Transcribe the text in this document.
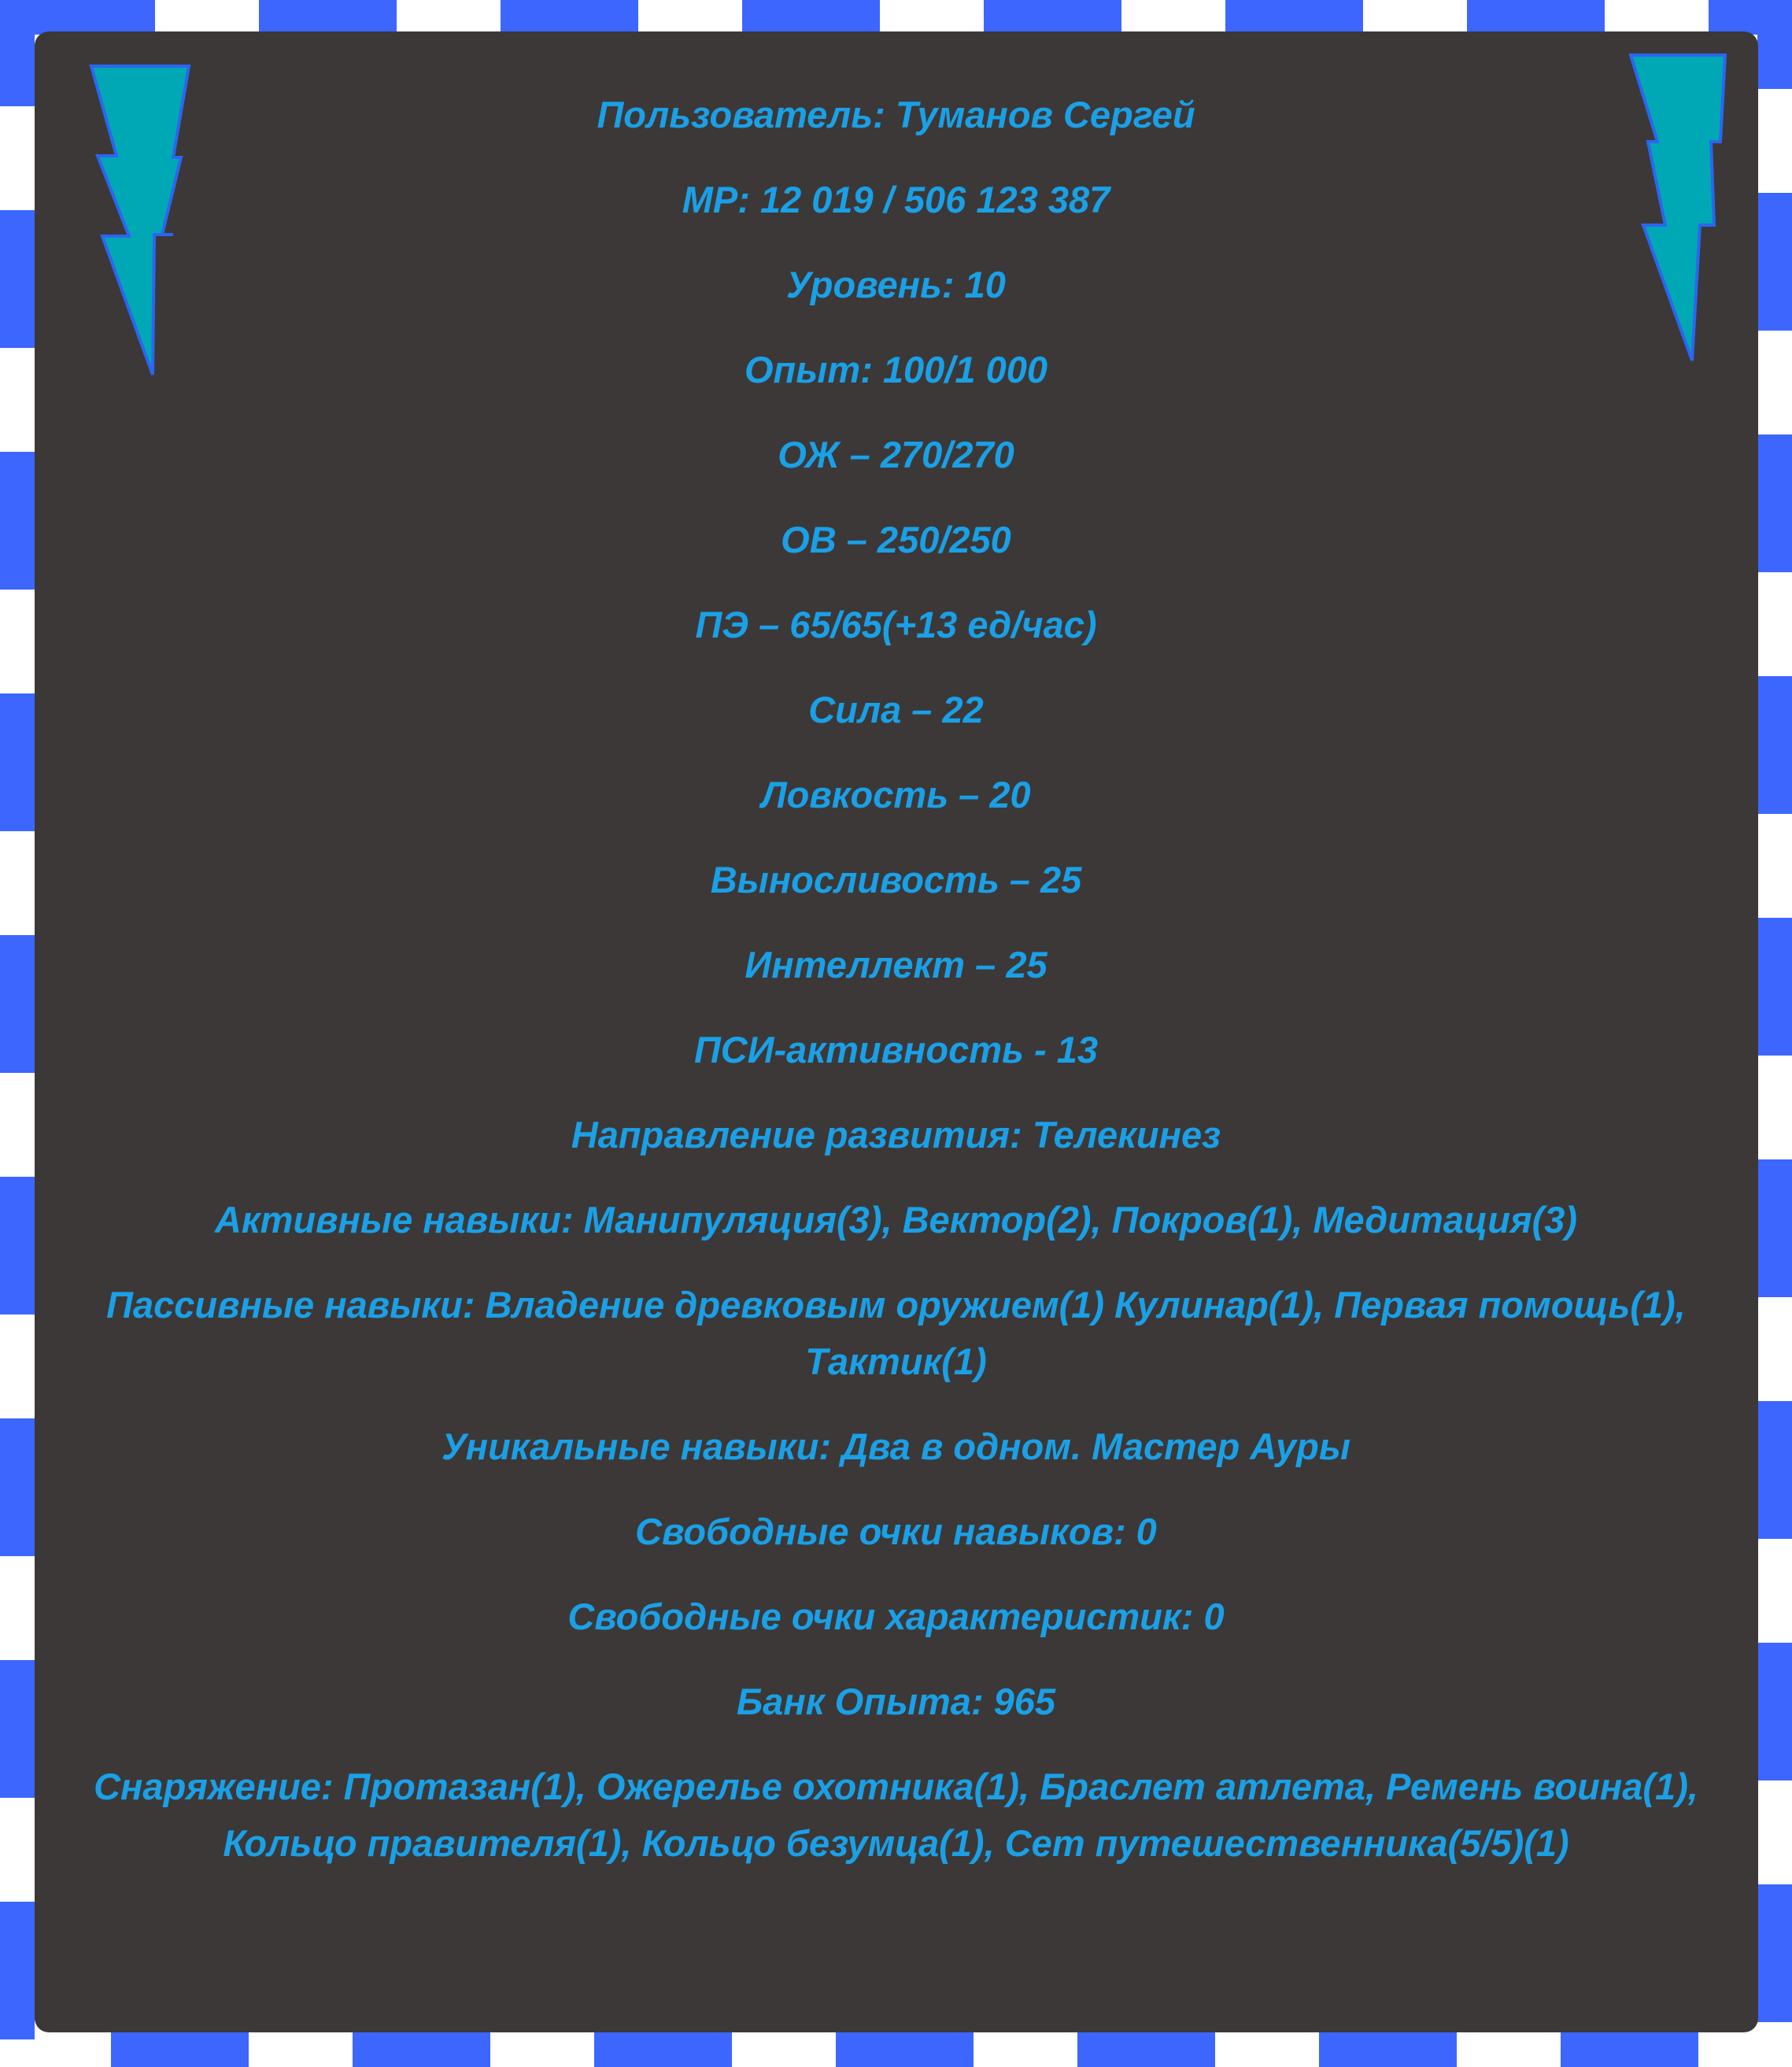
Пользователь: Туманов Сергей
MP: 12 019 / 506 123 387
Уровень: 10
Опыт: 100/1 000
ОЖ – 270/270
ОВ – 250/250
ПЭ – 65/65(+13 ед/час)
Сила – 22
Ловкость – 20
Выносливость – 25
Интеллект – 25
ПСИ-активность - 13
Направление развития: Телекинез
Активные навыки: Манипуляция(3), Вектор(2), Покров(1), Медитация(3)
Пассивные навыки: Владение древковым оружием(1) Кулинар(1), Первая помощь(1), Тактик(1)
Уникальные навыки: Два в одном. Мастер Ауры
Свободные очки навыков: 0
Свободные очки характеристик: 0
Банк Опыта: 965
Снаряжение: Протазан(1), Ожерелье охотника(1), Браслет атлета, Ремень воина(1), Кольцо правителя(1), Кольцо безумца(1), Сет путешественника(5/5)(1)
